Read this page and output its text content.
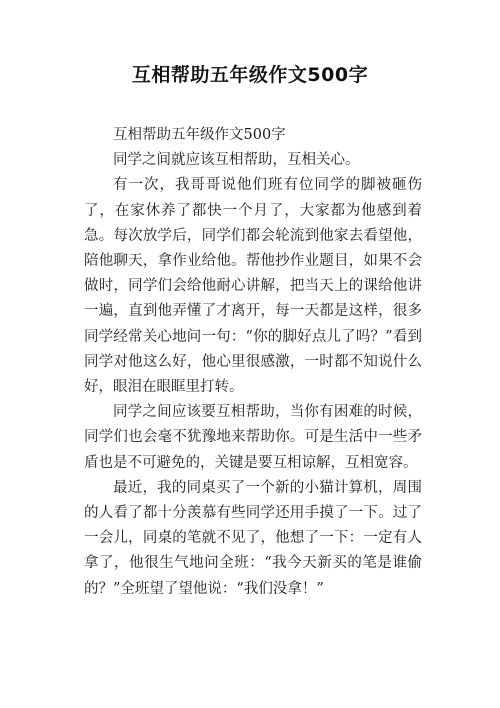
互相帮助五年级作文500字

互相帮助五年级作文500字

同学之间就应该互相帮助，互相关心。

有一次，我哥哥说他们班有位同学的脚被砸伤了，在家休养了都快一个月了，大家都为他感到着急。每次放学后，同学们都会轮流到他家去看望他，陪他聊天，拿作业给他。帮他抄作业题目，如果不会做时，同学们会给他耐心讲解，把当天上的课给他讲一遍，直到他弄懂了才离开，每一天都是这样，很多同学经常关心地问一句：“你的脚好点儿了吗？”看到同学对他这么好，他心里很感激，一时都不知说什么好，眼泪在眼眶里打转。

同学之间应该要互相帮助，当你有困难的时候，同学们也会毫不犹豫地来帮助你。可是生活中一些矛盾也是不可避免的，关键是要互相谅解，互相宽容。

最近，我的同桌买了一个新的小猫计算机，周围的人看了都十分羡慕有些同学还用手摸了一下。过了一会儿，同桌的笔就不见了，他想了一下：一定有人拿了，他很生气地问全班：“我今天新买的笔是谁偷的？”全班望了望他说：“我们没拿！”
